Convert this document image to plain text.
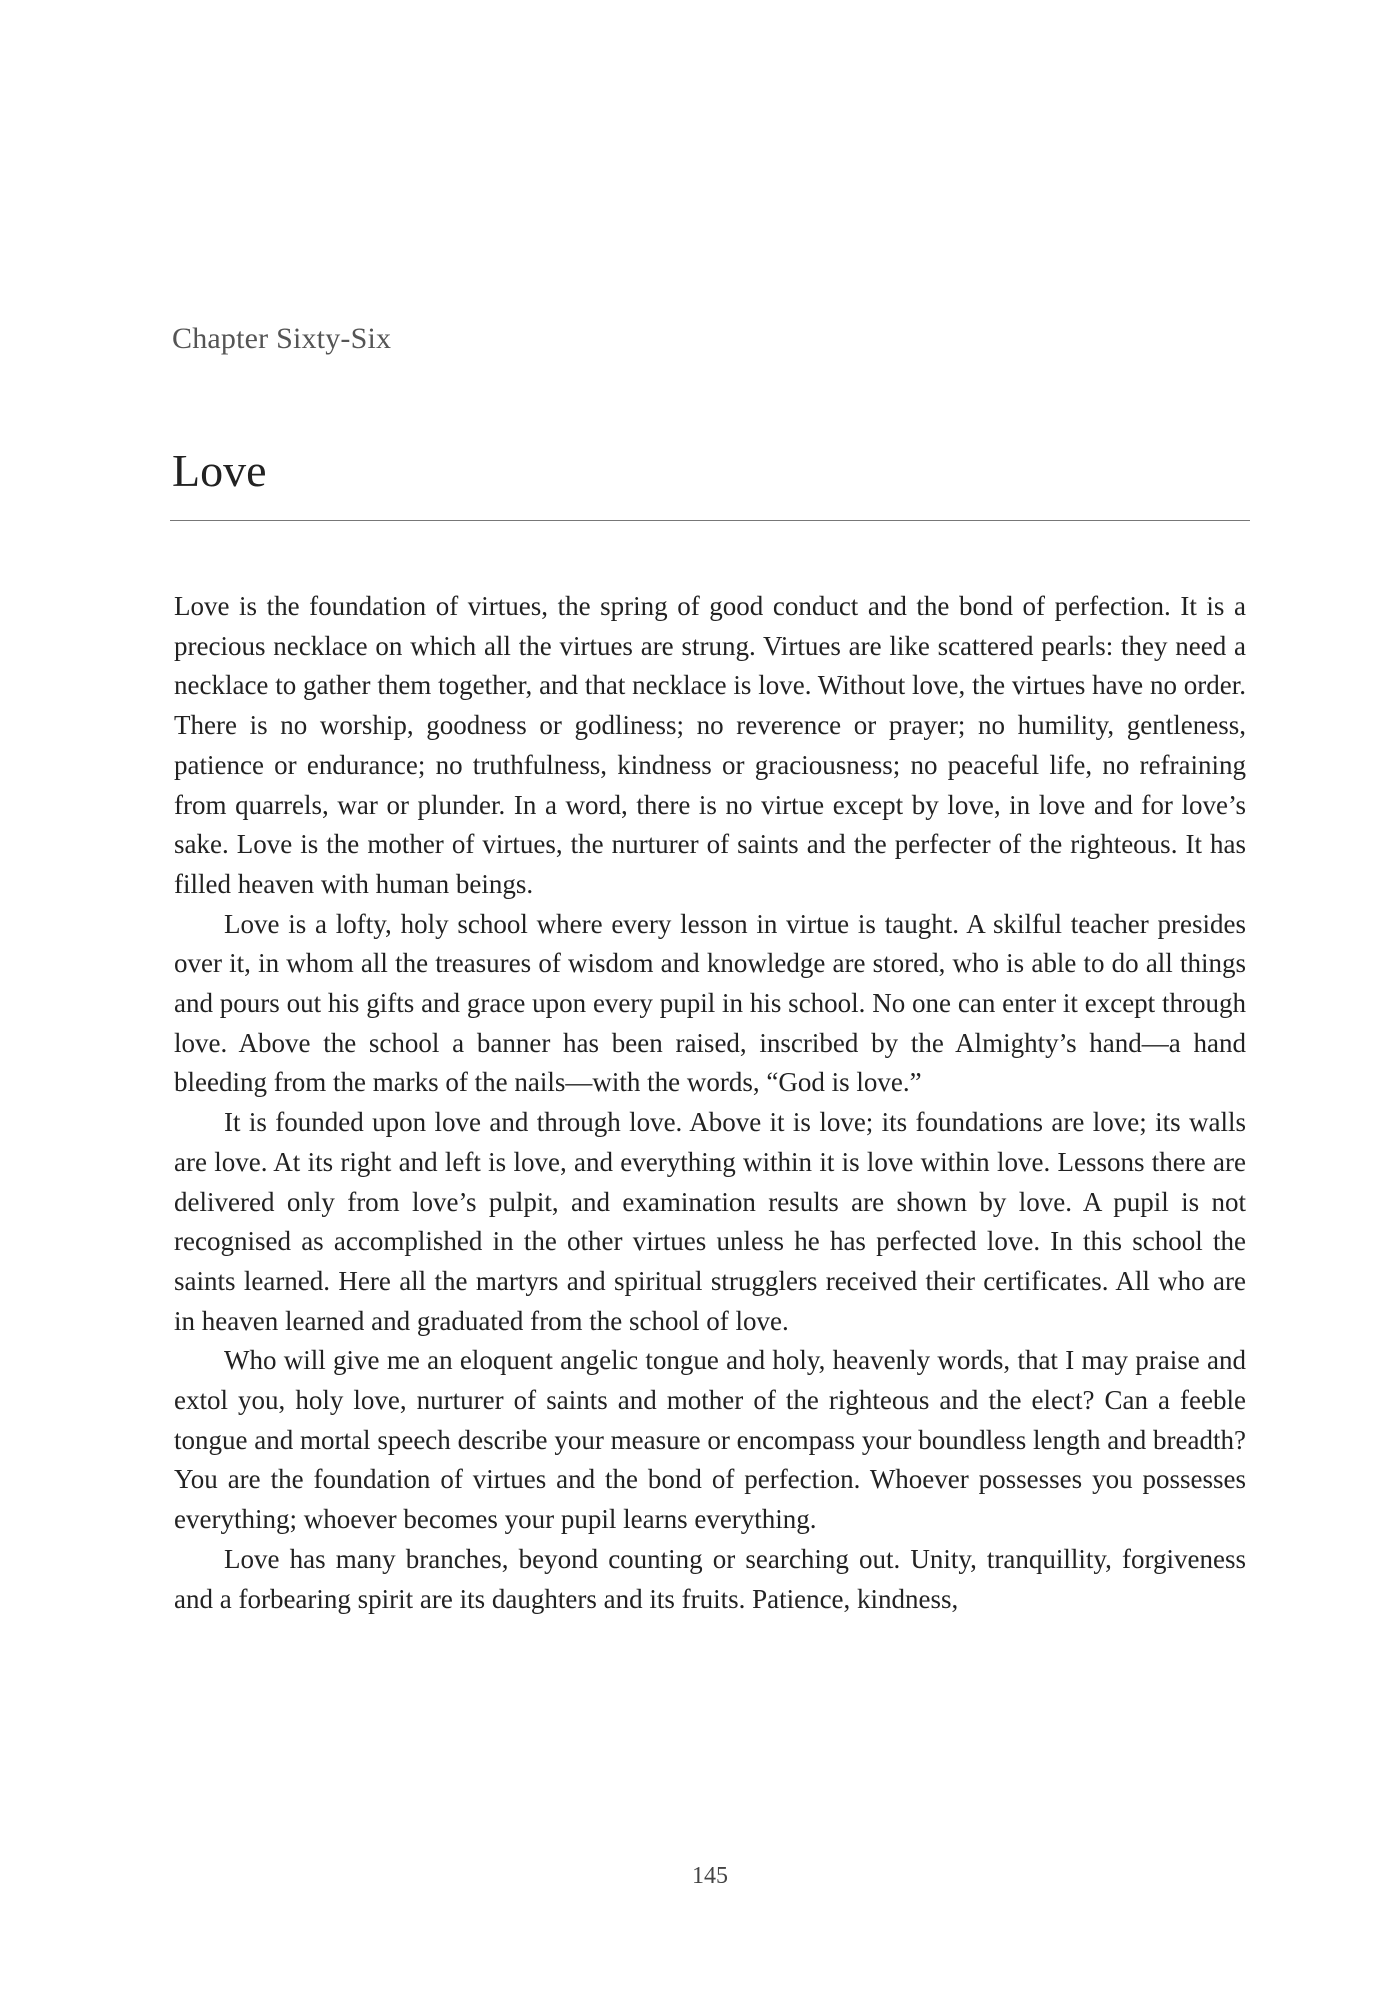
Chapter Sixty-Six
Love

Love is the foundation of virtues, the spring of good conduct and the bond of perfection. It is a precious necklace on which all the virtues are strung. Virtues are like scattered pearls: they need a necklace to gather them together, and that necklace is love. Without love, the virtues have no order. There is no worship, goodness or godliness; no reverence or prayer; no humility, gentleness, patience or endurance; no truthfulness, kindness or graciousness; no peaceful life, no refraining from quarrels, war or plunder. In a word, there is no virtue except by love, in love and for love’s sake. Love is the mother of virtues, the nurturer of saints and the perfecter of the righteous. It has filled heaven with human beings.

Love is a lofty, holy school where every lesson in virtue is taught. A skilful teacher presides over it, in whom all the treasures of wisdom and knowledge are stored, who is able to do all things and pours out his gifts and grace upon every pupil in his school. No one can enter it except through love. Above the school a banner has been raised, inscribed by the Almighty’s hand—a hand bleeding from the marks of the nails—with the words, “God is love.”

It is founded upon love and through love. Above it is love; its foundations are love; its walls are love. At its right and left is love, and everything within it is love within love. Lessons there are delivered only from love’s pulpit, and examination results are shown by love. A pupil is not recognised as accomplished in the other virtues unless he has perfected love. In this school the saints learned. Here all the martyrs and spiritual strugglers received their certificates. All who are in heaven learned and graduated from the school of love.

Who will give me an eloquent angelic tongue and holy, heavenly words, that I may praise and extol you, holy love, nurturer of saints and mother of the righteous and the elect? Can a feeble tongue and mortal speech describe your measure or encompass your boundless length and breadth? You are the foundation of virtues and the bond of perfection. Whoever possesses you possesses everything; whoever becomes your pupil learns everything.

Love has many branches, beyond counting or searching out. Unity, tranquillity, forgiveness and a forbearing spirit are its daughters and its fruits. Patience, kindness,

145
